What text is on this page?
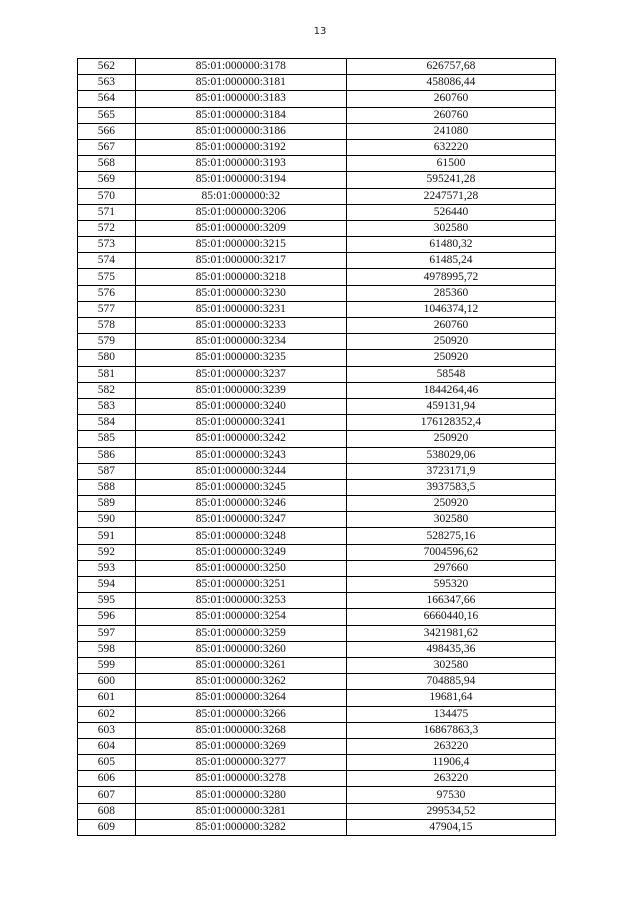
13
562	85:01:000000:3178	626757,68
563	85:01:000000:3181	458086,44
564	85:01:000000:3183	260760
565	85:01:000000:3184	260760
566	85:01:000000:3186	241080
567	85:01:000000:3192	632220
568	85:01:000000:3193	61500
569	85:01:000000:3194	595241,28
570	85:01:000000:32	2247571,28
571	85:01:000000:3206	526440
572	85:01:000000:3209	302580
573	85:01:000000:3215	61480,32
574	85:01:000000:3217	61485,24
575	85:01:000000:3218	4978995,72
576	85:01:000000:3230	285360
577	85:01:000000:3231	1046374,12
578	85:01:000000:3233	260760
579	85:01:000000:3234	250920
580	85:01:000000:3235	250920
581	85:01:000000:3237	58548
582	85:01:000000:3239	1844264,46
583	85:01:000000:3240	459131,94
584	85:01:000000:3241	176128352,4
585	85:01:000000:3242	250920
586	85:01:000000:3243	538029,06
587	85:01:000000:3244	3723171,9
588	85:01:000000:3245	3937583,5
589	85:01:000000:3246	250920
590	85:01:000000:3247	302580
591	85:01:000000:3248	528275,16
592	85:01:000000:3249	7004596,62
593	85:01:000000:3250	297660
594	85:01:000000:3251	595320
595	85:01:000000:3253	166347,66
596	85:01:000000:3254	6660440,16
597	85:01:000000:3259	3421981,62
598	85:01:000000:3260	498435,36
599	85:01:000000:3261	302580
600	85:01:000000:3262	704885,94
601	85:01:000000:3264	19681,64
602	85:01:000000:3266	134475
603	85:01:000000:3268	16867863,3
604	85:01:000000:3269	263220
605	85:01:000000:3277	11906,4
606	85:01:000000:3278	263220
607	85:01:000000:3280	97530
608	85:01:000000:3281	299534,52
609	85:01:000000:3282	47904,15
